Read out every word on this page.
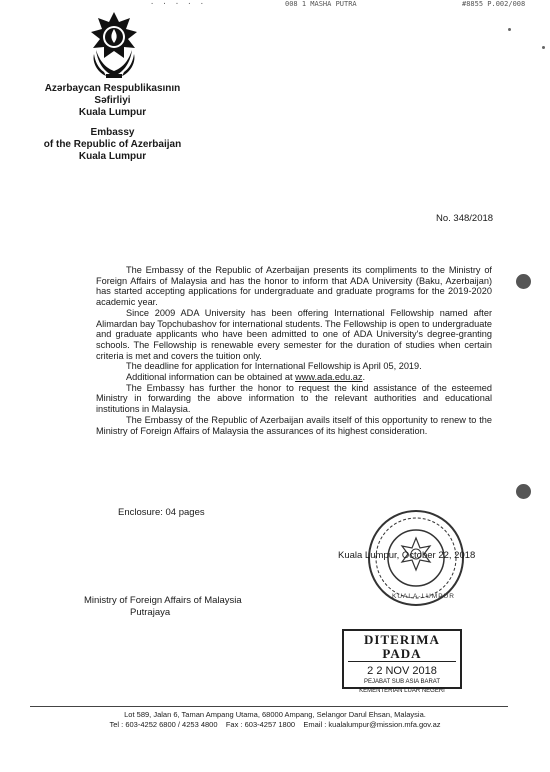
· · · · ·	008 1 MASHA PUTRA	#8855 P.002/008
Azərbaycan Respublikasının
Səfirliyi
Kuala Lumpur
Embassy
of the Republic of Azerbaijan
Kuala Lumpur
No. 348/2018

The Embassy of the Republic of Azerbaijan presents its compliments to the Ministry of Foreign Affairs of Malaysia and has the honor to inform that ADA University (Baku, Azerbaijan) has started accepting applications for undergraduate and graduate programs for the 2019-2020 academic year.

Since 2009 ADA University has been offering International Fellowship named after Alimardan bay Topchubashov for international students. The Fellowship is open to undergraduate and graduate applicants who have been admitted to one of ADA University's degree-granting schools. The Fellowship is renewable every semester for the duration of studies when certain criteria is met and covers the tuition only.

The deadline for application for International Fellowship is April 05, 2019.

Additional information can be obtained at www.ada.edu.az.

The Embassy has further the honor to request the kind assistance of the esteemed Ministry in forwarding the above information to the relevant authorities and educational institutions in Malaysia.

The Embassy of the Republic of Azerbaijan avails itself of this opportunity to renew to the Ministry of Foreign Affairs of Malaysia the assurances of its highest consideration.

Enclosure: 04 pages
KUALA-LUMPUR
Kuala Lumpur, October 22, 2018
Ministry of Foreign Affairs of Malaysia
Putrajaya
DITERIMA PADA
2 2 NOV 2018
PEJABAT SUB ASIA BARAT
KEMENTERIAN LUAR NEGERI
Lot 589, Jalan 6, Taman Ampang Utama, 68000 Ampang, Selangor Darul Ehsan, Malaysia.
Tel : 603-4252 6800 / 4253 4800    Fax : 603-4257 1800    Email : kualalumpur@mission.mfa.gov.az
